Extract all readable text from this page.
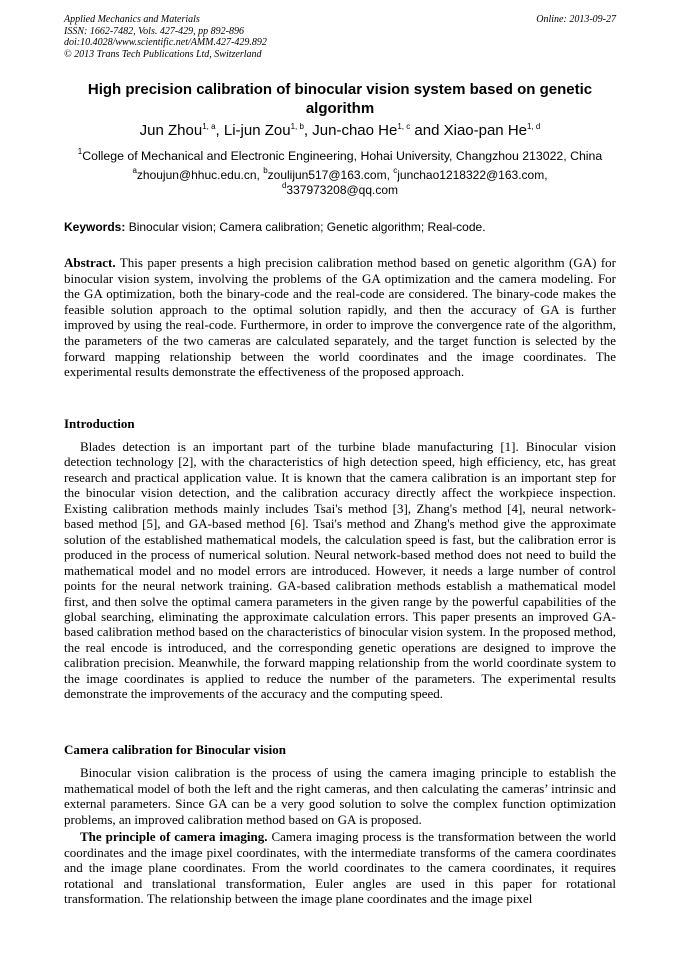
Applied Mechanics and Materials
ISSN: 1662-7482, Vols. 427-429, pp 892-896
doi:10.4028/www.scientific.net/AMM.427-429.892
© 2013 Trans Tech Publications Ltd, Switzerland
Online: 2013-09-27
High precision calibration of binocular vision system based on genetic
algorithm
Jun Zhou$^{1, a}$, Li-jun Zou$^{1, b}$, Jun-chao He$^{1, c}$ and Xiao-pan He$^{1, d}$
$^1$College of Mechanical and Electronic Engineering, Hohai University, Changzhou 213022, China
$^a$zhoujun@hhuc.edu.cn, $^b$zoulijun517@163.com, $^c$junchao1218322@163.com,
$^d$337973208@qq.com
Keywords: Binocular vision; Camera calibration; Genetic algorithm; Real-code.
Abstract. This paper presents a high precision calibration method based on genetic algorithm (GA) for binocular vision system, involving the problems of the GA optimization and the camera modeling. For the GA optimization, both the binary-code and the real-code are considered. The binary-code makes the feasible solution approach to the optimal solution rapidly, and then the accuracy of GA is further improved by using the real-code. Furthermore, in order to improve the convergence rate of the algorithm, the parameters of the two cameras are calculated separately, and the target function is selected by the forward mapping relationship between the world coordinates and the image coordinates. The experimental results demonstrate the effectiveness of the proposed approach.
Introduction
Blades detection is an important part of the turbine blade manufacturing [1]. Binocular vision detection technology [2], with the characteristics of high detection speed, high efficiency, etc, has great research and practical application value. It is known that the camera calibration is an important step for the binocular vision detection, and the calibration accuracy directly affect the workpiece inspection. Existing calibration methods mainly includes Tsai's method [3], Zhang's method [4], neural network-based method [5], and GA-based method [6]. Tsai's method and Zhang's method give the approximate solution of the established mathematical models, the calculation speed is fast, but the calibration error is produced in the process of numerical solution. Neural network-based method does not need to build the mathematical model and no model errors are introduced. However, it needs a large number of control points for the neural network training. GA-based calibration methods establish a mathematical model first, and then solve the optimal camera parameters in the given range by the powerful capabilities of the global searching, eliminating the approximate calculation errors. This paper presents an improved GA-based calibration method based on the characteristics of binocular vision system. In the proposed method, the real encode is introduced, and the corresponding genetic operations are designed to improve the calibration precision. Meanwhile, the forward mapping relationship from the world coordinate system to the image coordinates is applied to reduce the number of the parameters. The experimental results demonstrate the improvements of the accuracy and the computing speed.
Camera calibration for Binocular vision
Binocular vision calibration is the process of using the camera imaging principle to establish the mathematical model of both the left and the right cameras, and then calculating the cameras’ intrinsic and external parameters. Since GA can be a very good solution to solve the complex function optimization problems, an improved calibration method based on GA is proposed.
The principle of camera imaging. Camera imaging process is the transformation between the world coordinates and the image pixel coordinates, with the intermediate transforms of the camera coordinates and the image plane coordinates. From the world coordinates to the camera coordinates, it requires rotational and translational transformation, Euler angles are used in this paper for rotational transformation. The relationship between the image plane coordinates and the image pixel
